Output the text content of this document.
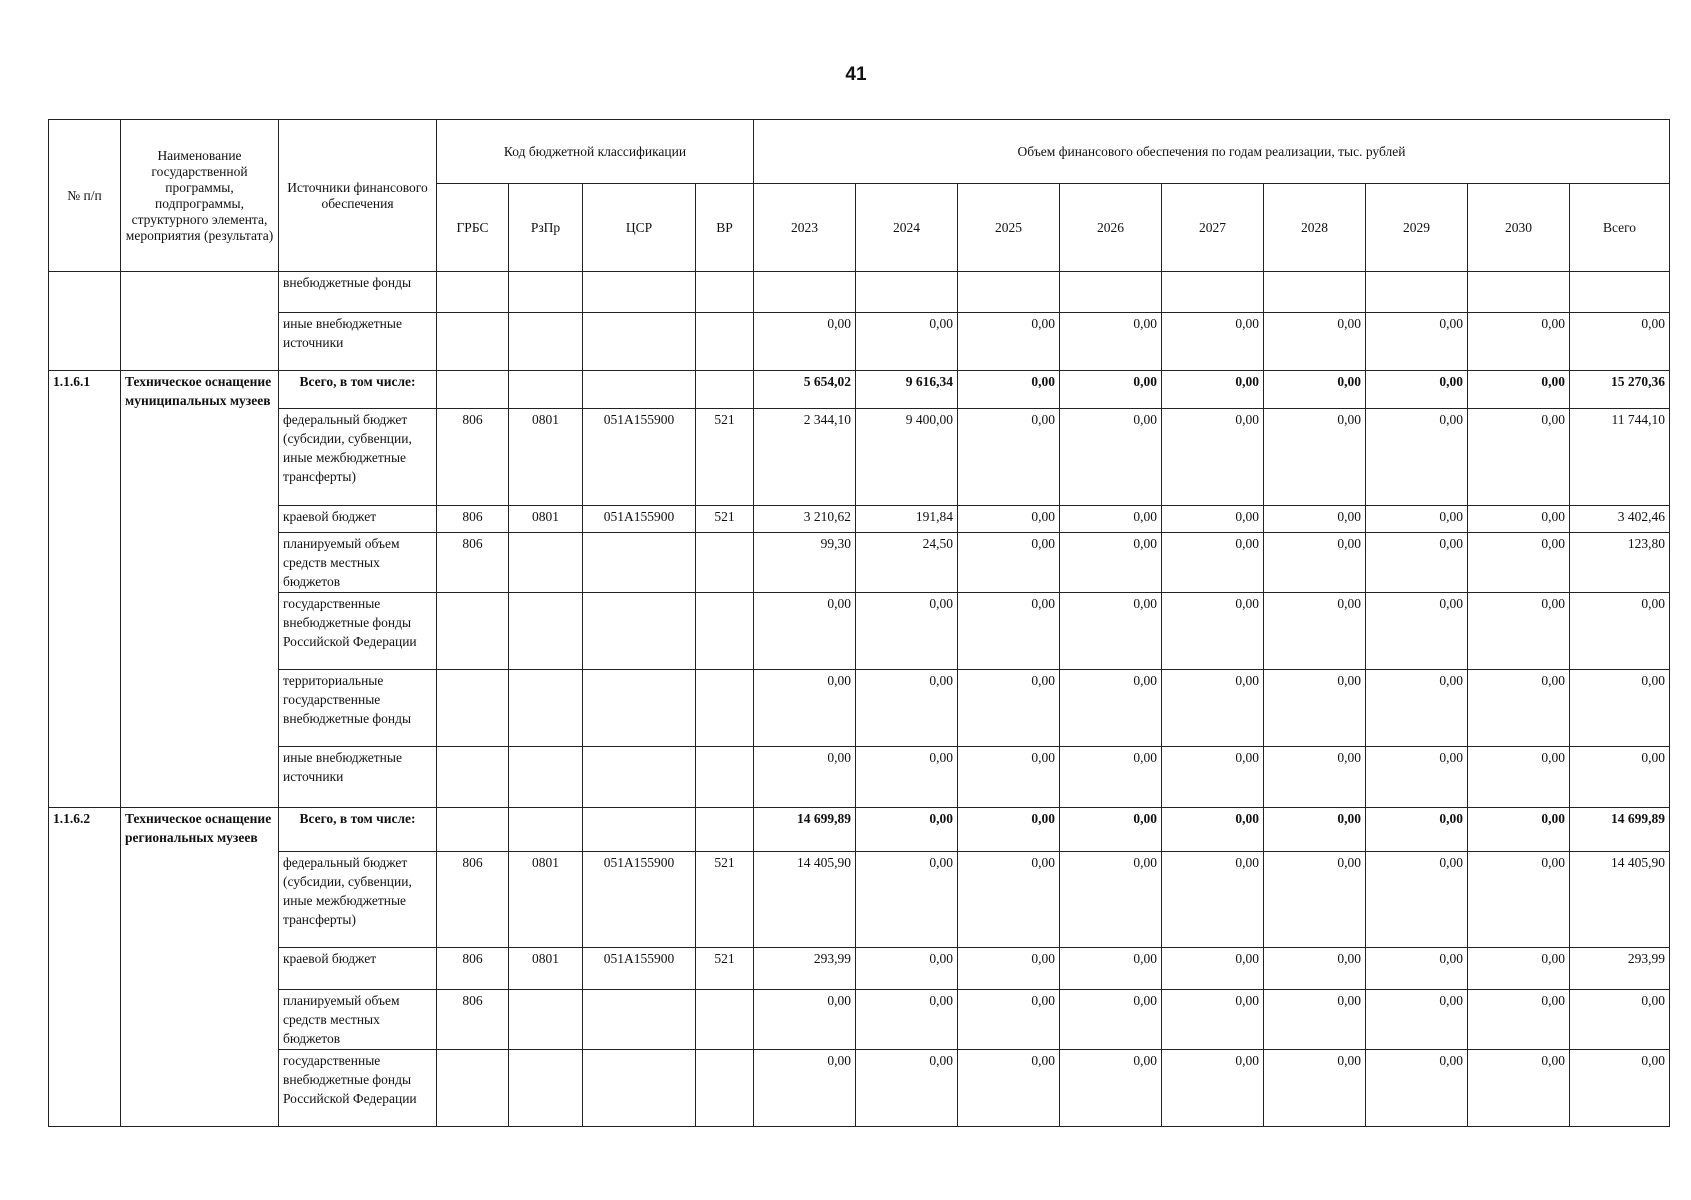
41
№ п/п	Наименование государственной программы, подпрограммы, структурного элемента, мероприятия (результата)	Источники финансового обеспечения	Код бюджетной классификации				Объем финансового обеспечения по годам реализации, тыс. рублей								
			ГРБС	РзПр	ЦСР	ВР	2023	2024	2025	2026	2027	2028	2029	2030	Всего
		внебюджетные фонды													
		иные внебюджетные источники					0,00	0,00	0,00	0,00	0,00	0,00	0,00	0,00	0,00
1.1.6.1	Техническое оснащение муниципальных музеев	Всего, в том числе:					5 654,02	9 616,34	0,00	0,00	0,00	0,00	0,00	0,00	15 270,36
		федеральный бюджет (субсидии, субвенции, иные межбюджетные трансферты)	806	0801	051А155900	521	2 344,10	9 400,00	0,00	0,00	0,00	0,00	0,00	0,00	11 744,10
		краевой бюджет	806	0801	051А155900	521	3 210,62	191,84	0,00	0,00	0,00	0,00	0,00	0,00	3 402,46
		планируемый объем средств местных бюджетов	806				99,30	24,50	0,00	0,00	0,00	0,00	0,00	0,00	123,80
		государственные внебюджетные фонды Российской Федерации					0,00	0,00	0,00	0,00	0,00	0,00	0,00	0,00	0,00
		территориальные государственные внебюджетные фонды					0,00	0,00	0,00	0,00	0,00	0,00	0,00	0,00	0,00
		иные внебюджетные источники					0,00	0,00	0,00	0,00	0,00	0,00	0,00	0,00	0,00
1.1.6.2	Техническое оснащение региональных музеев	Всего, в том числе:					14 699,89	0,00	0,00	0,00	0,00	0,00	0,00	0,00	14 699,89
		федеральный бюджет (субсидии, субвенции, иные межбюджетные трансферты)	806	0801	051А155900	521	14 405,90	0,00	0,00	0,00	0,00	0,00	0,00	0,00	14 405,90
		краевой бюджет	806	0801	051А155900	521	293,99	0,00	0,00	0,00	0,00	0,00	0,00	0,00	293,99
		планируемый объем средств местных бюджетов	806				0,00	0,00	0,00	0,00	0,00	0,00	0,00	0,00	0,00
		государственные внебюджетные фонды Российской Федерации					0,00	0,00	0,00	0,00	0,00	0,00	0,00	0,00	0,00
